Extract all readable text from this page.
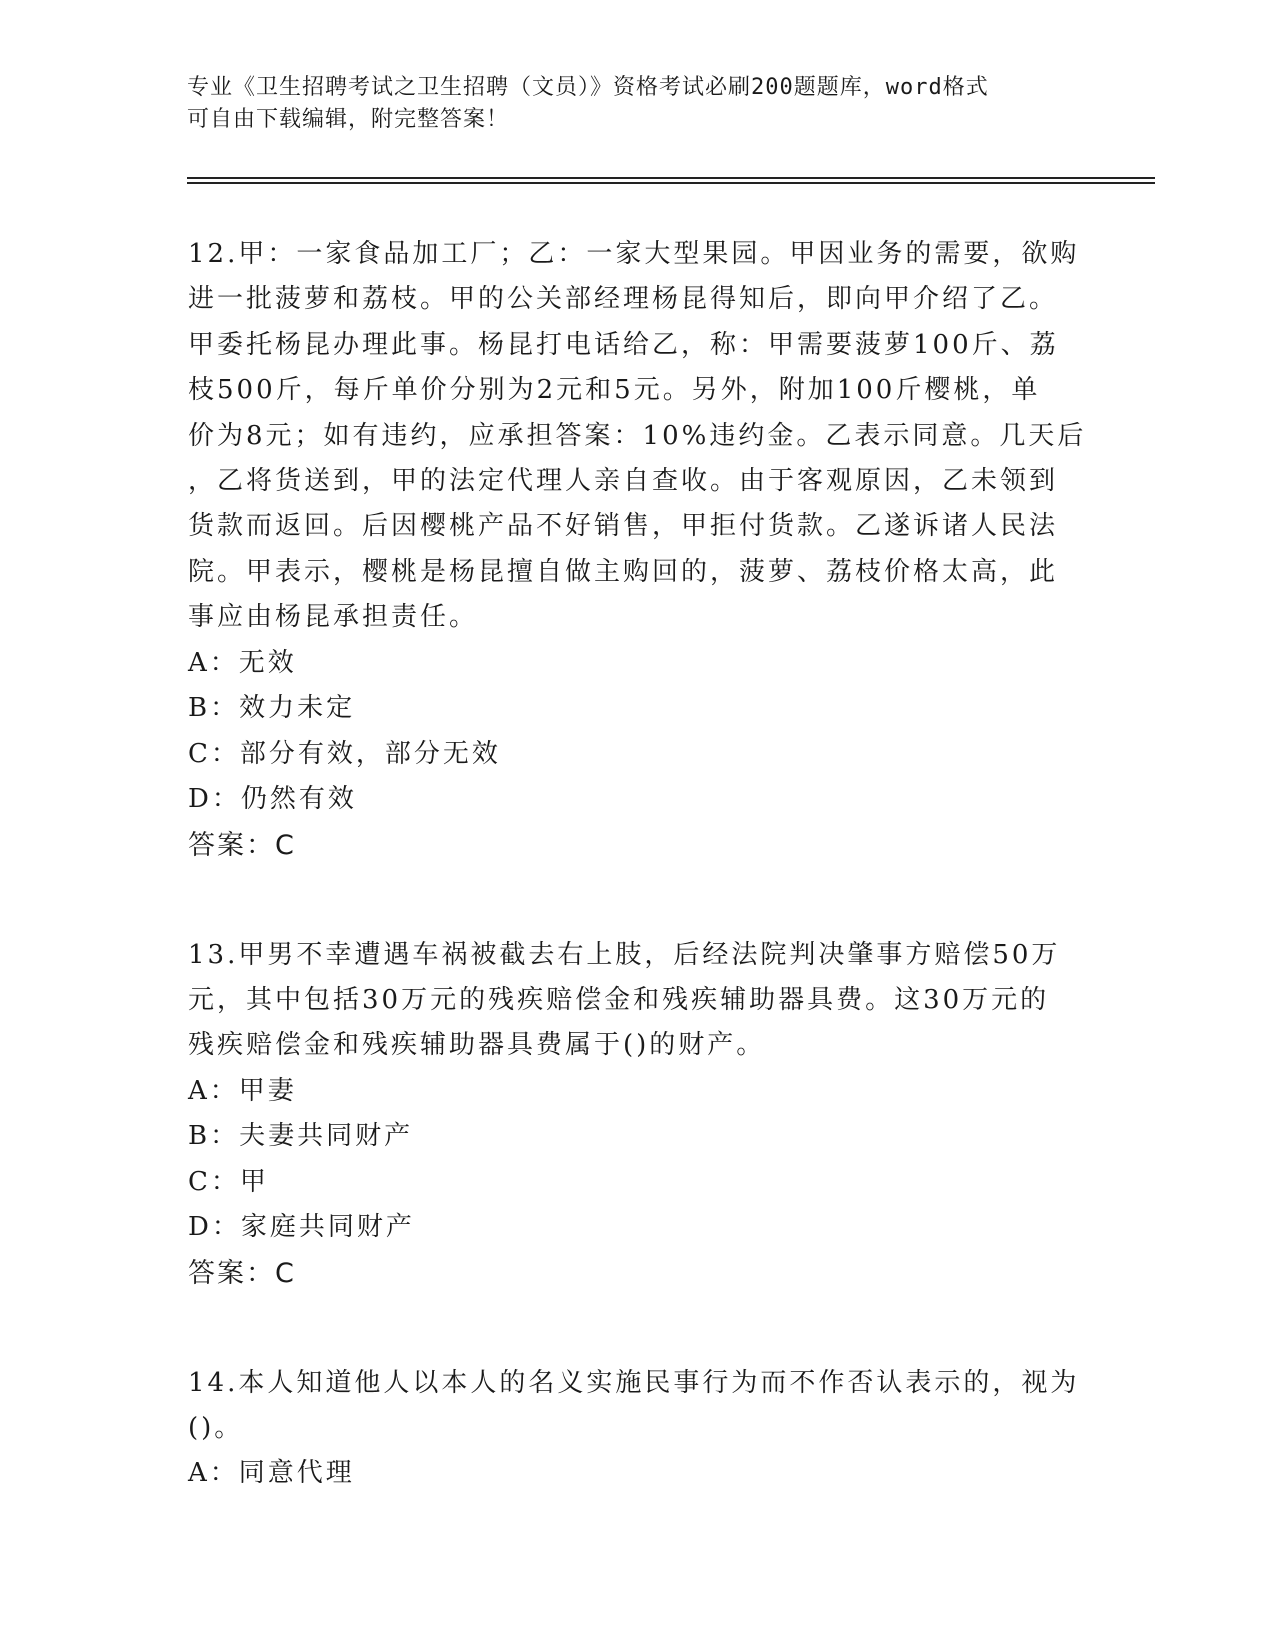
专业《卫生招聘考试之卫生招聘（文员）》资格考试必刷200题题库，word格式
可自由下载编辑，附完整答案！
12.甲：一家食品加工厂；乙：一家大型果园。甲因业务的需要，欲购
进一批菠萝和荔枝。甲的公关部经理杨昆得知后，即向甲介绍了乙。
甲委托杨昆办理此事。杨昆打电话给乙，称：甲需要菠萝100斤、荔
枝500斤，每斤单价分别为2元和5元。另外，附加100斤樱桃，单
价为8元；如有违约，应承担答案：10%违约金。乙表示同意。几天后
，乙将货送到，甲的法定代理人亲自查收。由于客观原因，乙未领到
货款而返回。后因樱桃产品不好销售，甲拒付货款。乙遂诉诸人民法
院。甲表示，樱桃是杨昆擅自做主购回的，菠萝、荔枝价格太高，此
事应由杨昆承担责任。
A：无效
B：效力未定
C：部分有效，部分无效
D：仍然有效
答案：C
13.甲男不幸遭遇车祸被截去右上肢，后经法院判决肇事方赔偿50万
元，其中包括30万元的残疾赔偿金和残疾辅助器具费。这30万元的
残疾赔偿金和残疾辅助器具费属于()的财产。
A：甲妻
B：夫妻共同财产
C：甲
D：家庭共同财产
答案：C
14.本人知道他人以本人的名义实施民事行为而不作否认表示的，视为
()。
A：同意代理
